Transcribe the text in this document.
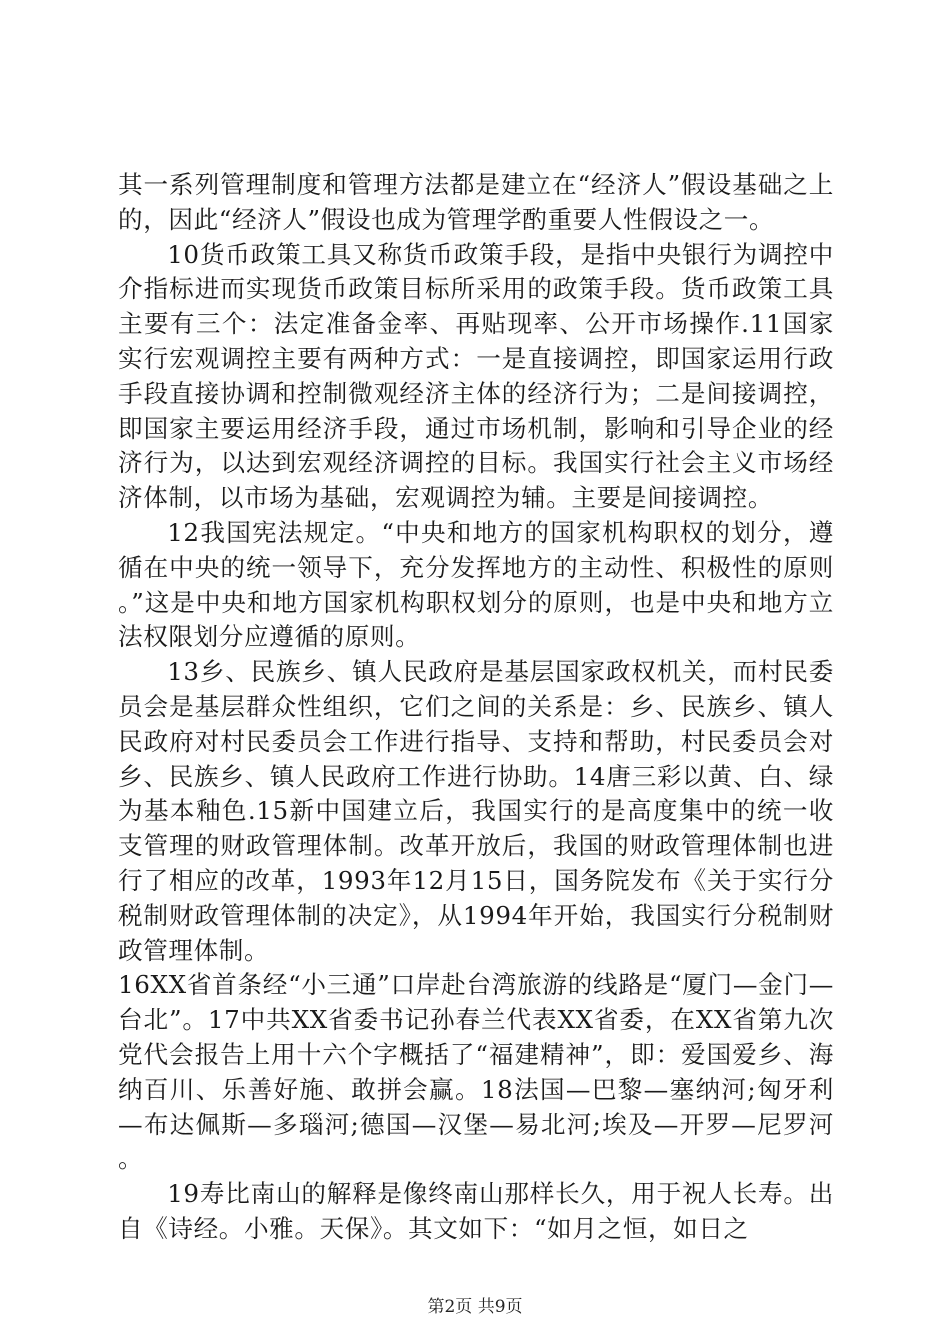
其一系列管理制度和管理方法都是建立在“经济人”假设基础之上的，因此“经济人”假设也成为管理学酌重要人性假设之一。

10货币政策工具又称货币政策手段，是指中央银行为调控中介指标进而实现货币政策目标所采用的政策手段。货币政策工具主要有三个：法定准备金率、再贴现率、公开市场操作.11国家实行宏观调控主要有两种方式：一是直接调控，即国家运用行政手段直接协调和控制微观经济主体的经济行为；二是间接调控，即国家主要运用经济手段，通过市场机制，影响和引导企业的经济行为，以达到宏观经济调控的目标。我国实行社会主义市场经济体制，以市场为基础，宏观调控为辅。主要是间接调控。

12我国宪法规定。“中央和地方的国家机构职权的划分，遵循在中央的统一领导下，充分发挥地方的主动性、积极性的原则。”这是中央和地方国家机构职权划分的原则，也是中央和地方立法权限划分应遵循的原则。

13乡、民族乡、镇人民政府是基层国家政权机关，而村民委员会是基层群众性组织，它们之间的关系是：乡、民族乡、镇人民政府对村民委员会工作进行指导、支持和帮助，村民委员会对乡、民族乡、镇人民政府工作进行协助。14唐三彩以黄、白、绿为基本釉色.15新中国建立后，我国实行的是高度集中的统一收支管理的财政管理体制。改革开放后，我国的财政管理体制也进行了相应的改革，1993年12月15日，国务院发布《关于实行分税制财政管理体制的决定》，从1994年开始，我国实行分税制财政管理体制。

16XX省首条经“小三通”口岸赴台湾旅游的线路是“厦门—金门—台北”。17中共XX省委书记孙春兰代表XX省委，在XX省第九次党代会报告上用十六个字概括了“福建精神”，即：爱国爱乡、海纳百川、乐善好施、敢拼会赢。18法国—巴黎—塞纳河;匈牙利—布达佩斯—多瑙河;德国—汉堡—易北河;埃及—开罗—尼罗河。

19寿比南山的解释是像终南山那样长久，用于祝人长寿。出自《诗经。小雅。天保》。其文如下：“如月之恒，如日之

第2页 共9页
